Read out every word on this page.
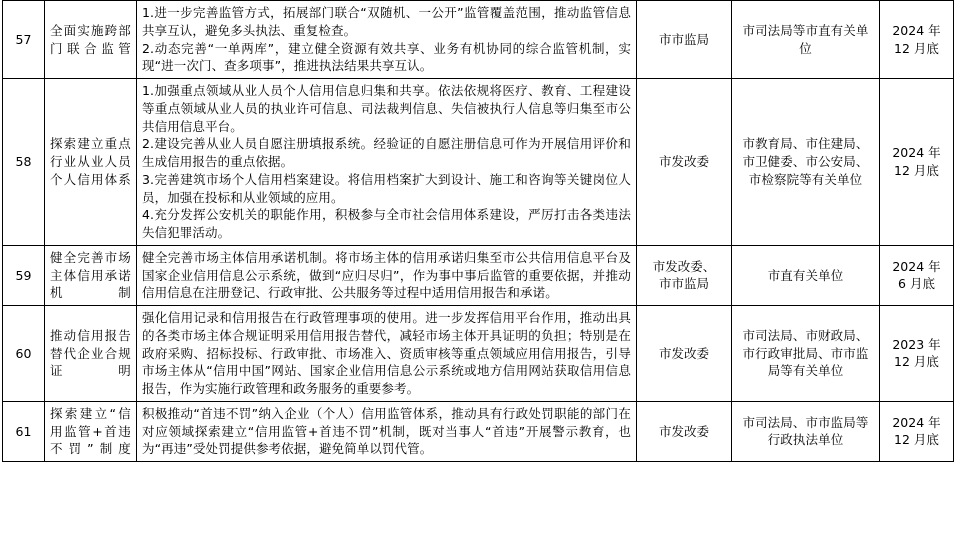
57	全面实施跨部门联合监管	1.进一步完善监管方式，拓展部门联合“双随机、一公开”监管覆盖范围，推动监管信息共享互认，避免多头执法、重复检查。
2.动态完善“一单两库”，建立健全资源有效共享、业务有机协同的综合监管机制，实现“进一次门、查多项事”，推进执法结果共享互认。	市市监局	市司法局等市直有关单位	2024 年
12 月底

58	探索建立重点行业从业人员个人信用体系	1.加强重点领域从业人员个人信用信息归集和共享。依法依规将医疗、教育、工程建设等重点领域从业人员的执业许可信息、司法裁判信息、失信被执行人信息等归集至市公共信用信息平台。
2.建设完善从业人员自愿注册填报系统。经验证的自愿注册信息可作为开展信用评价和生成信用报告的重点依据。
3.完善建筑市场个人信用档案建设。将信用档案扩大到设计、施工和咨询等关键岗位人员，加强在投标和从业领域的应用。
4.充分发挥公安机关的职能作用，积极参与全市社会信用体系建设，严厉打击各类违法失信犯罪活动。	市发改委	市教育局、市住建局、市卫健委、市公安局、市检察院等有关单位	2024 年
12 月底

59	健全完善市场主体信用承诺机制	健全完善市场主体信用承诺机制。将市场主体的信用承诺归集至市公共信用信息平台及国家企业信用信息公示系统，做到“应归尽归”，作为事中事后监管的重要依据，并推动信用信息在注册登记、行政审批、公共服务等过程中适用信用报告和承诺。	市发改委、
市市监局	市直有关单位	2024 年
6 月底

60	推动信用报告替代企业合规证明	强化信用记录和信用报告在行政管理事项的使用。进一步发挥信用平台作用，推动出具的各类市场主体合规证明采用信用报告替代，减轻市场主体开具证明的负担；特别是在政府采购、招标投标、行政审批、市场准入、资质审核等重点领域应用信用报告，引导市场主体从“信用中国”网站、国家企业信用信息公示系统或地方信用网站获取信用信息报告，作为实施行政管理和政务服务的重要参考。	市发改委	市司法局、市财政局、市行政审批局、市市监局等有关单位	2023 年
12 月底

61	探索建立“信用监管+首违不罚”制度	积极推动“首违不罚”纳入企业（个人）信用监管体系，推动具有行政处罚职能的部门在对应领域探索建立“信用监管+首违不罚”机制，既对当事人“首违”开展警示教育，也为“再违”受处罚提供参考依据，避免简单以罚代管。	市发改委	市司法局、市市监局等行政执法单位	2024 年
12 月底
